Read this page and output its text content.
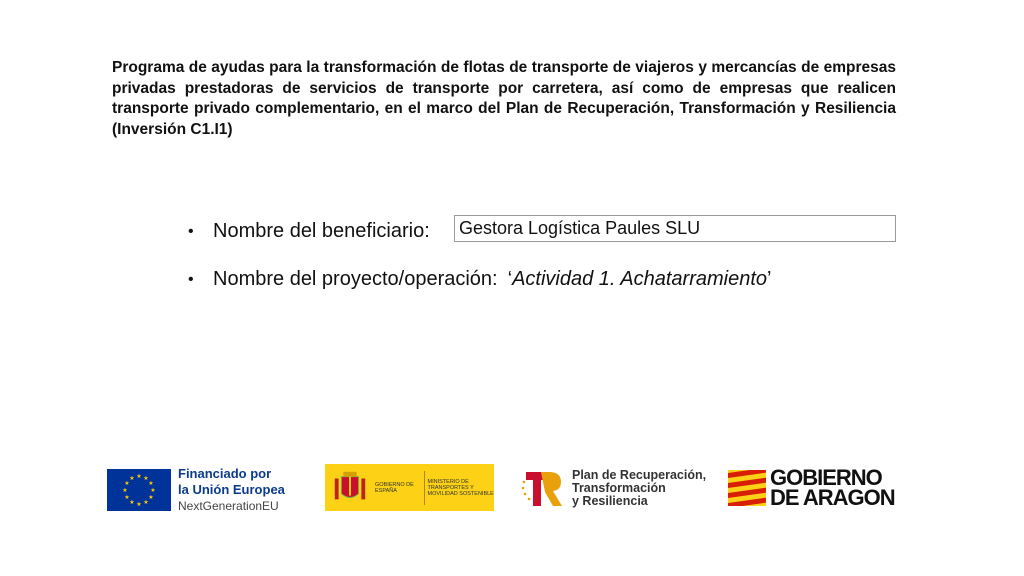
Programa de ayudas para la transformación de flotas de transporte de viajeros y mercancías de empresas privadas prestadoras de servicios de transporte por carretera, así como de empresas que realicen transporte privado complementario, en el marco del Plan de Recuperación, Transformación y Resiliencia (Inversión C1.I1)
• Nombre del beneficiario: Gestora Logística Paules SLU
• Nombre del proyecto/operación: ‘ Actividad 1. Achatarramiento ’
★ ★
★
★
★
★
★
★
★
★
★
★	Financiado por
la Unión Europea
NextGenerationEU
GOBIERNO DE ESPAÑA
MINISTERIO DE TRANSPORTES Y MOVILIDAD SOSTENIBLE
Plan de Recuperación,
Transformación
y Resiliencia
GOBIERNO
DE ARAGON
